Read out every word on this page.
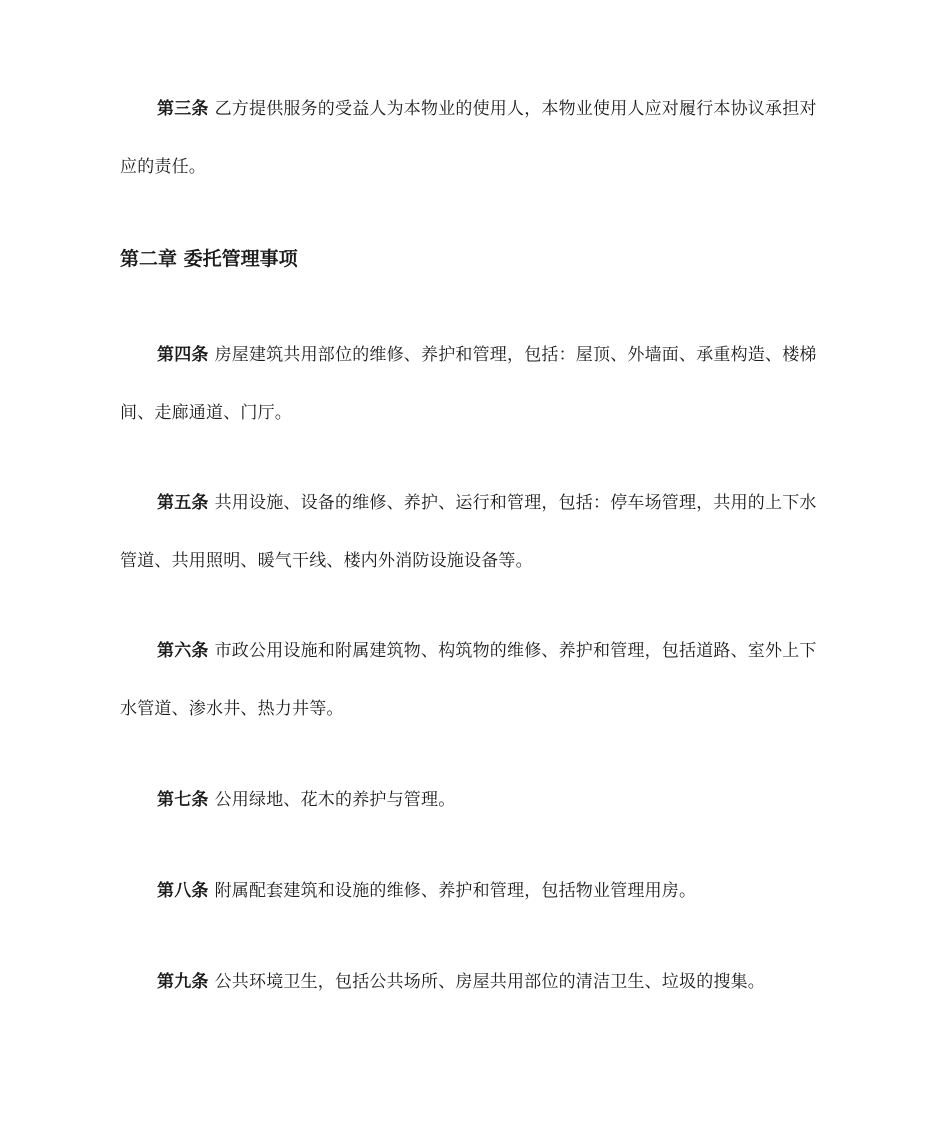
第三条 乙方提供服务的受益人为本物业的使用人，本物业使用人应对履行本协议承担对应的责任。

第二章 委托管理事项

第四条 房屋建筑共用部位的维修、养护和管理，包括：屋顶、外墙面、承重构造、楼梯间、走廊通道、门厅。

第五条 共用设施、设备的维修、养护、运行和管理，包括：停车场管理，共用的上下水管道、共用照明、暖气干线、楼内外消防设施设备等。

第六条 市政公用设施和附属建筑物、构筑物的维修、养护和管理，包括道路、室外上下水管道、渗水井、热力井等。

第七条 公用绿地、花木的养护与管理。

第八条 附属配套建筑和设施的维修、养护和管理，包括物业管理用房。

第九条 公共环境卫生，包括公共场所、房屋共用部位的清洁卫生、垃圾的搜集。
